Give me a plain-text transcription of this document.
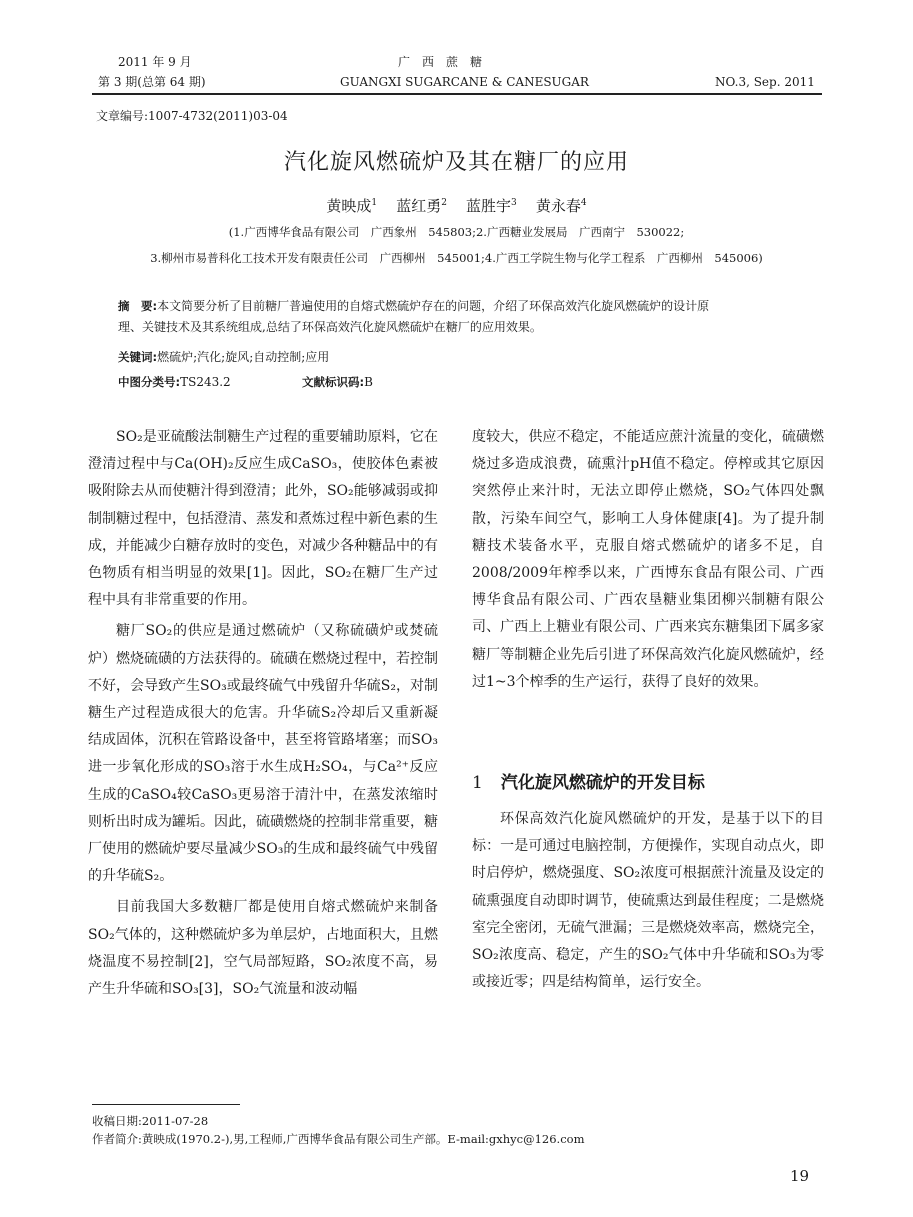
2011 年 9 月
第 3 期(总第 64 期)
广　西　蔗　糖
GUANGXI SUGARCANE & CANESUGAR	NO.3, Sep. 2011
文章编号:1007-4732(2011)03-04
汽化旋风燃硫炉及其在糖厂的应用
黄映成$^1$ 蓝红勇$^2$ 蓝胜宇$^3$ 黄永春$^4$
(1.广西博华食品有限公司　广西象州　545803;2.广西糖业发展局　广西南宁　530022;
3.柳州市易普科化工技术开发有限责任公司　广西柳州　545001;4.广西工学院生物与化学工程系　广西柳州　545006)
摘　要:本文简要分析了目前糖厂普遍使用的自熔式燃硫炉存在的问题，介绍了环保高效汽化旋风燃硫炉的设计原
理、关键技术及其系统组成,总结了环保高效汽化旋风燃硫炉在糖厂的应用效果。
关键词:燃硫炉;汽化;旋风;自动控制;应用
中图分类号:TS243.2	文献标识码:B

SO₂是亚硫酸法制糖生产过程的重要辅助原料，它在澄清过程中与Ca(OH)₂反应生成CaSO₃，使胶体色素被吸附除去从而使糖汁得到澄清；此外，SO₂能够减弱或抑制制糖过程中，包括澄清、蒸发和煮炼过程中新色素的生成，并能减少白糖存放时的变色，对减少各种糖品中的有色物质有相当明显的效果[1]。因此，SO₂在糖厂生产过程中具有非常重要的作用。

糖厂SO₂的供应是通过燃硫炉（又称硫磺炉或焚硫炉）燃烧硫磺的方法获得的。硫磺在燃烧过程中，若控制不好，会导致产生SO₃或最终硫气中残留升华硫S₂，对制糖生产过程造成很大的危害。升华硫S₂冷却后又重新凝结成固体，沉积在管路设备中，甚至将管路堵塞；而SO₃进一步氧化形成的SO₃溶于水生成H₂SO₄，与Ca²⁺反应生成的CaSO₄较CaSO₃更易溶于清汁中，在蒸发浓缩时则析出时成为罐垢。因此，硫磺燃烧的控制非常重要，糖厂使用的燃硫炉要尽量减少SO₃的生成和最终硫气中残留的升华硫S₂。

目前我国大多数糖厂都是使用自熔式燃硫炉来制备SO₂气体的，这种燃硫炉多为单层炉，占地面积大，且燃烧温度不易控制[2]，空气局部短路，SO₂浓度不高，易产生升华硫和SO₃[3]，SO₂气流量和波动幅

度较大，供应不稳定，不能适应蔗汁流量的变化，硫磺燃烧过多造成浪费，硫熏汁pH值不稳定。停榨或其它原因突然停止来汁时，无法立即停止燃烧，SO₂气体四处飘散，污染车间空气，影响工人身体健康[4]。为了提升制糖技术装备水平，克服自熔式燃硫炉的诸多不足，自2008/2009年榨季以来，广西博东食品有限公司、广西博华食品有限公司、广西农垦糖业集团柳兴制糖有限公司、广西上上糖业有限公司、广西来宾东糖集团下属多家糖厂等制糖企业先后引进了环保高效汽化旋风燃硫炉，经过1~3个榨季的生产运行，获得了良好的效果。

1 汽化旋风燃硫炉的开发目标

环保高效汽化旋风燃硫炉的开发，是基于以下的目标：一是可通过电脑控制，方便操作，实现自动点火，即时启停炉，燃烧强度、SO₂浓度可根据蔗汁流量及设定的硫熏强度自动即时调节，使硫熏达到最佳程度；二是燃烧室完全密闭，无硫气泄漏；三是燃烧效率高，燃烧完全，SO₂浓度高、稳定，产生的SO₂气体中升华硫和SO₃为零或接近零；四是结构简单，运行安全。

收稿日期:2011-07-28
作者简介:黄映成(1970.2-),男,工程师,广西博华食品有限公司生产部。E-mail:gxhyc@126.com
19
